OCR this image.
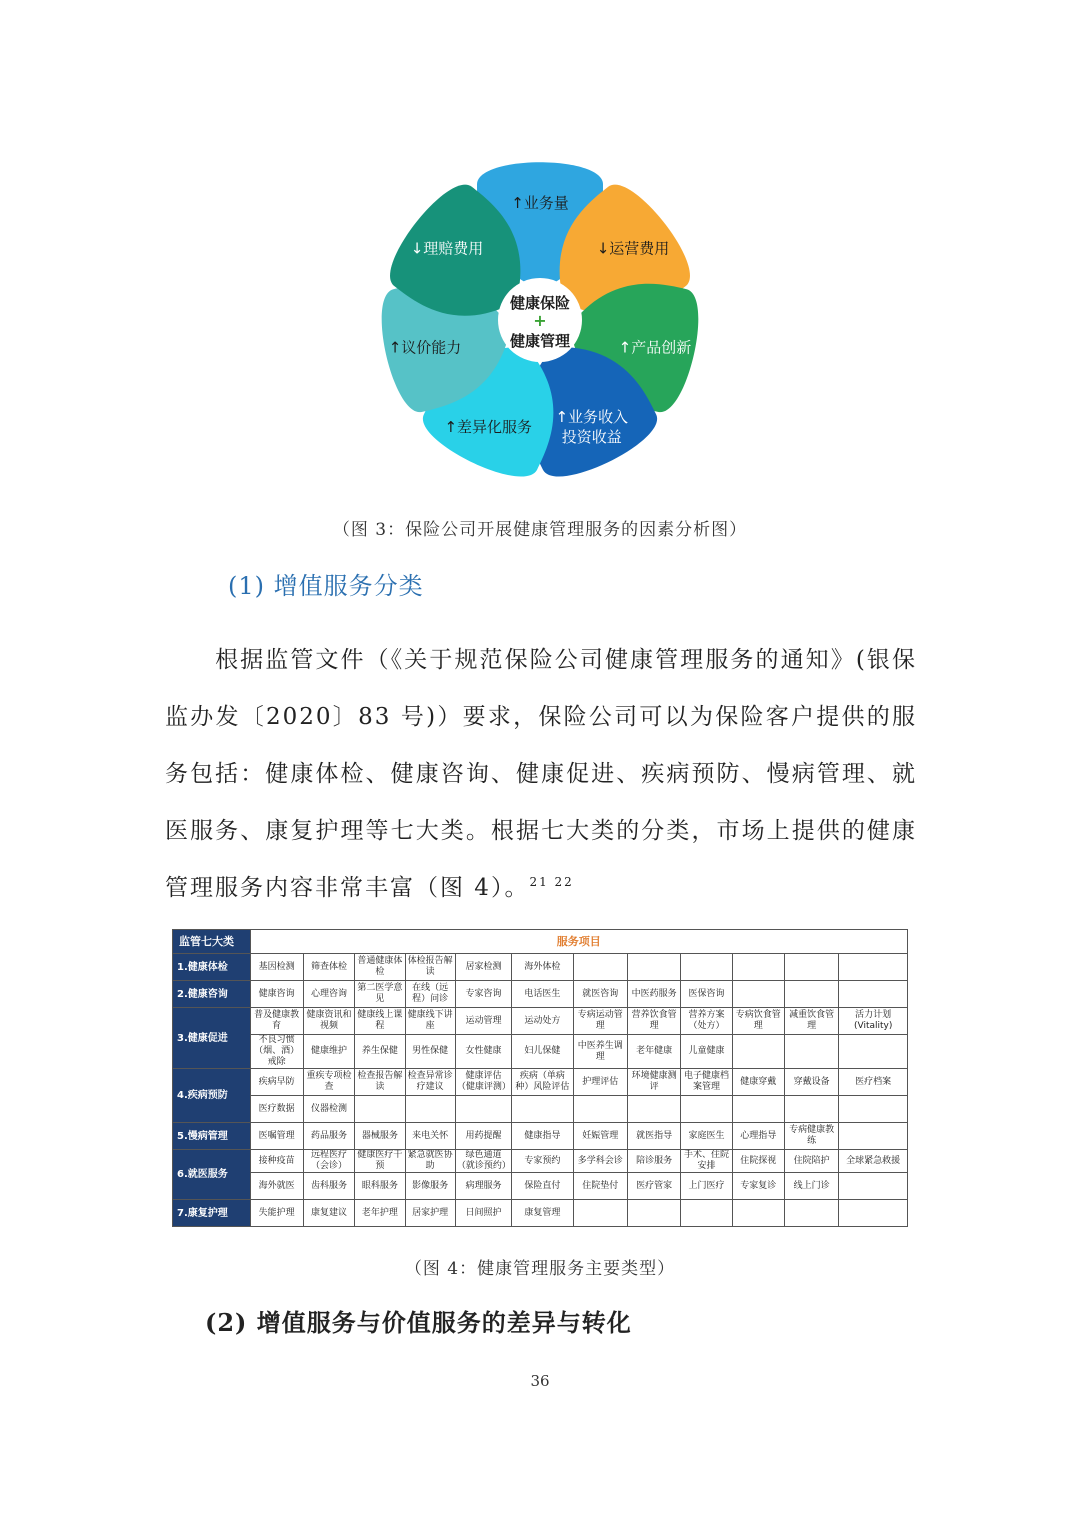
↑业务量
↓运营费用
↑产品创新
↑业务收入
投资收益
↑差异化服务
↑议价能力
↓理赔费用
健康保险
+
健康管理
（图 3：保险公司开展健康管理服务的因素分析图）
(1) 增值服务分类
根据监管文件（《关于规范保险公司健康管理服务的通知》(银保监办发〔2020〕83 号)）要求，保险公司可以为保险客户提供的服务包括：健康体检、健康咨询、健康促进、疾病预防、慢病管理、就医服务、康复护理等七大类。根据七大类的分类，市场上提供的健康管理服务内容非常丰富（图 4）。$^{21 22}$
监管七大类	服务项目											
1.健康体检	基因检测	筛查体检	普通健康体检	体检报告解读	居家检测	海外体检						
2.健康咨询	健康咨询	心理咨询	第二医学意见	在线（远程）问诊	专家咨询	电话医生	就医咨询	中医药服务	医保咨询			
3.健康促进	普及健康教育	健康资讯和视频	健康线上课程	健康线下讲座	运动管理	运动处方	专病运动管理	营养饮食管理	营养方案（处方）	专病饮食管理	减重饮食管理	活力计划(Vitality)
	不良习惯（烟、酒）戒除	健康维护	养生保健	男性保健	女性健康	妇儿保健	中医养生调理	老年健康	儿童健康			
4.疾病预防	疾病早防	重疾专项检查	检查报告解读	检查异常诊疗建议	健康评估（健康评测）	疾病（单病种）风险评估	护理评估	环境健康测评	电子健康档案管理	健康穿戴	穿戴设备	医疗档案
	医疗数据	仪器检测										
5.慢病管理	医嘱管理	药品服务	器械服务	来电关怀	用药提醒	健康指导	妊娠管理	就医指导	家庭医生	心理指导	专病健康教练	
6.就医服务	接种疫苗	远程医疗（会诊）	健康医疗干预	紧急就医协助	绿色通道（就诊预约）	专家预约	多学科会诊	陪诊服务	手术、住院安排	住院探视	住院陪护	全球紧急救援
	海外就医	齿科服务	眼科服务	影像服务	病理服务	保险直付	住院垫付	医疗管家	上门医疗	专家复诊	线上门诊	
7.康复护理	失能护理	康复建议	老年护理	居家护理	日间照护	康复管理						
（图 4：健康管理服务主要类型）
(2) 增值服务与价值服务的差异与转化
36
